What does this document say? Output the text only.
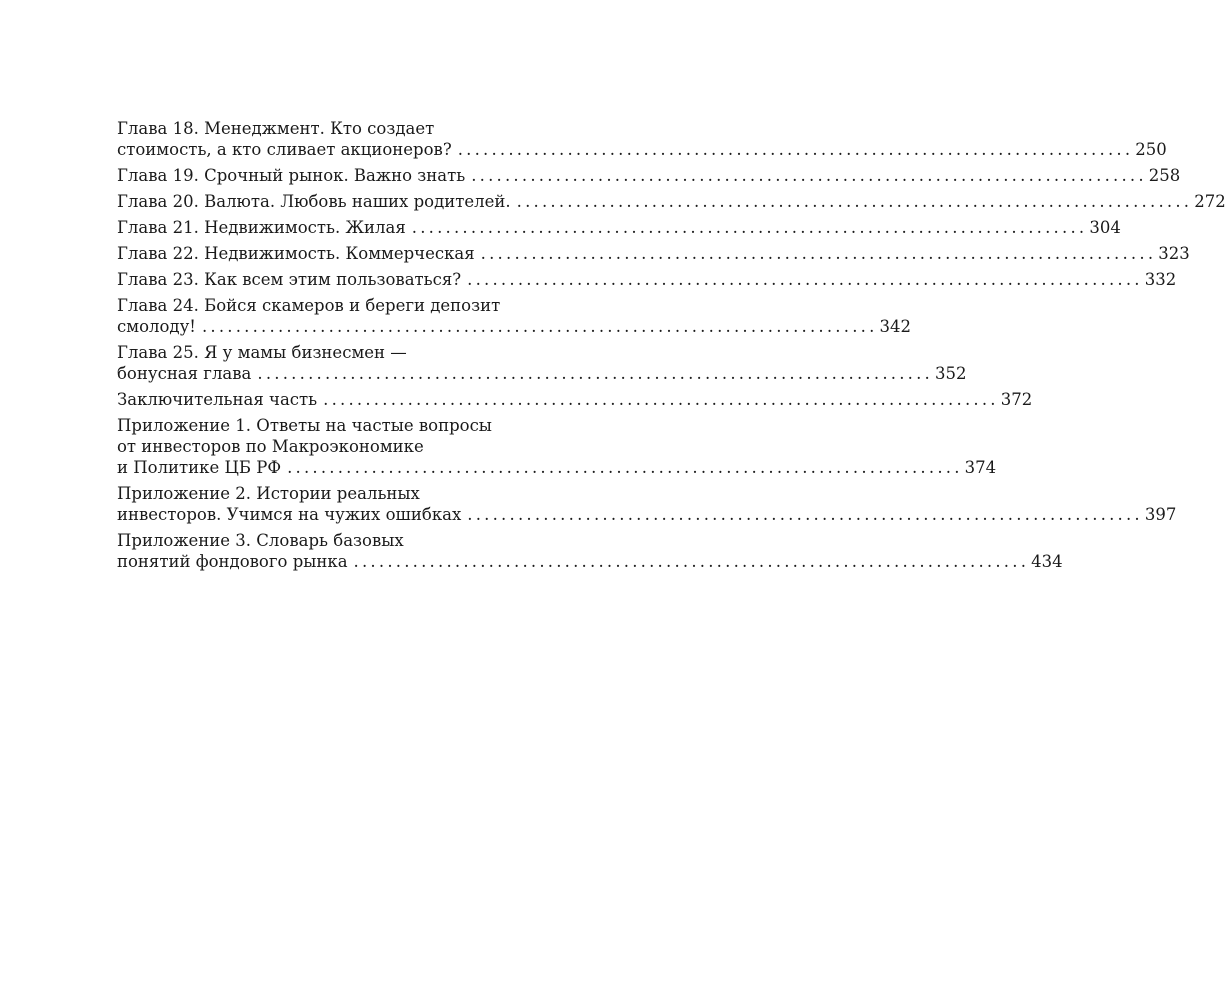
Глава 18. Менеджмент. Кто создает
стоимость, а кто сливает акционеров? ................................................................................ 250
Глава 19. Срочный рынок. Важно знать ................................................................................ 258
Глава 20. Валюта. Любовь наших родителей. ................................................................................ 272
Глава 21. Недвижимость. Жилая ................................................................................ 304
Глава 22. Недвижимость. Коммерческая ................................................................................ 323
Глава 23. Как всем этим пользоваться? ................................................................................ 332
Глава 24. Бойся скамеров и береги депозит
смолоду! ................................................................................ 342
Глава 25. Я у мамы бизнесмен —
бонусная глава ................................................................................ 352
Заключительная часть ................................................................................ 372
Приложение 1. Ответы на частые вопросы
от инвесторов по Макроэкономике
и Политике ЦБ РФ ................................................................................ 374
Приложение 2. Истории реальных
инвесторов. Учимся на чужих ошибках ................................................................................ 397
Приложение 3. Словарь базовых
понятий фондового рынка ................................................................................ 434
